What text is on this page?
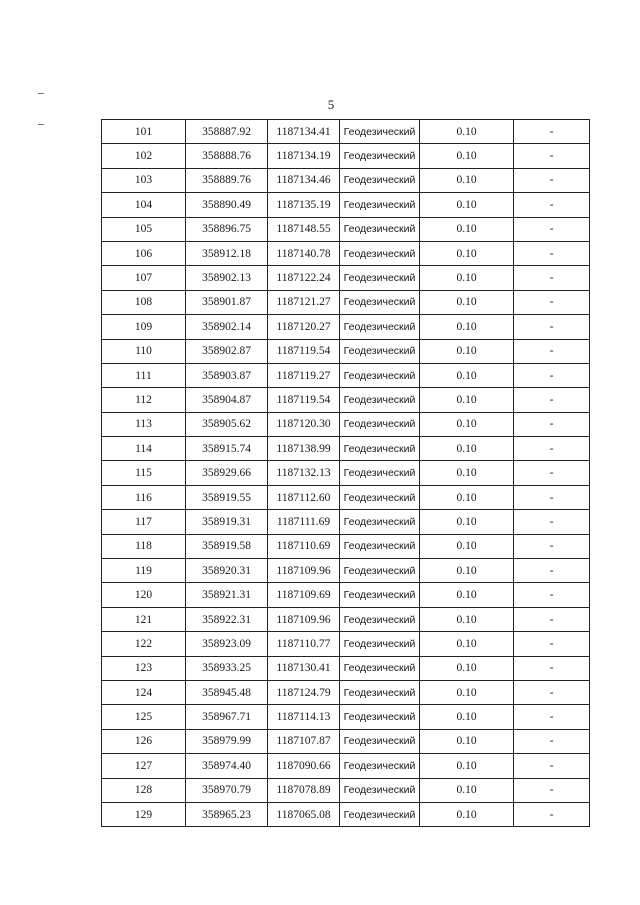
5
101	358887.92	1187134.41	Геодезический	0.10	-
102	358888.76	1187134.19	Геодезический	0.10	-
103	358889.76	1187134.46	Геодезический	0.10	-
104	358890.49	1187135.19	Геодезический	0.10	-
105	358896.75	1187148.55	Геодезический	0.10	-
106	358912.18	1187140.78	Геодезический	0.10	-
107	358902.13	1187122.24	Геодезический	0.10	-
108	358901.87	1187121.27	Геодезический	0.10	-
109	358902.14	1187120.27	Геодезический	0.10	-
110	358902.87	1187119.54	Геодезический	0.10	-
111	358903.87	1187119.27	Геодезический	0.10	-
112	358904.87	1187119.54	Геодезический	0.10	-
113	358905.62	1187120.30	Геодезический	0.10	-
114	358915.74	1187138.99	Геодезический	0.10	-
115	358929.66	1187132.13	Геодезический	0.10	-
116	358919.55	1187112.60	Геодезический	0.10	-
117	358919.31	1187111.69	Геодезический	0.10	-
118	358919.58	1187110.69	Геодезический	0.10	-
119	358920.31	1187109.96	Геодезический	0.10	-
120	358921.31	1187109.69	Геодезический	0.10	-
121	358922.31	1187109.96	Геодезический	0.10	-
122	358923.09	1187110.77	Геодезический	0.10	-
123	358933.25	1187130.41	Геодезический	0.10	-
124	358945.48	1187124.79	Геодезический	0.10	-
125	358967.71	1187114.13	Геодезический	0.10	-
126	358979.99	1187107.87	Геодезический	0.10	-
127	358974.40	1187090.66	Геодезический	0.10	-
128	358970.79	1187078.89	Геодезический	0.10	-
129	358965.23	1187065.08	Геодезический	0.10	-
